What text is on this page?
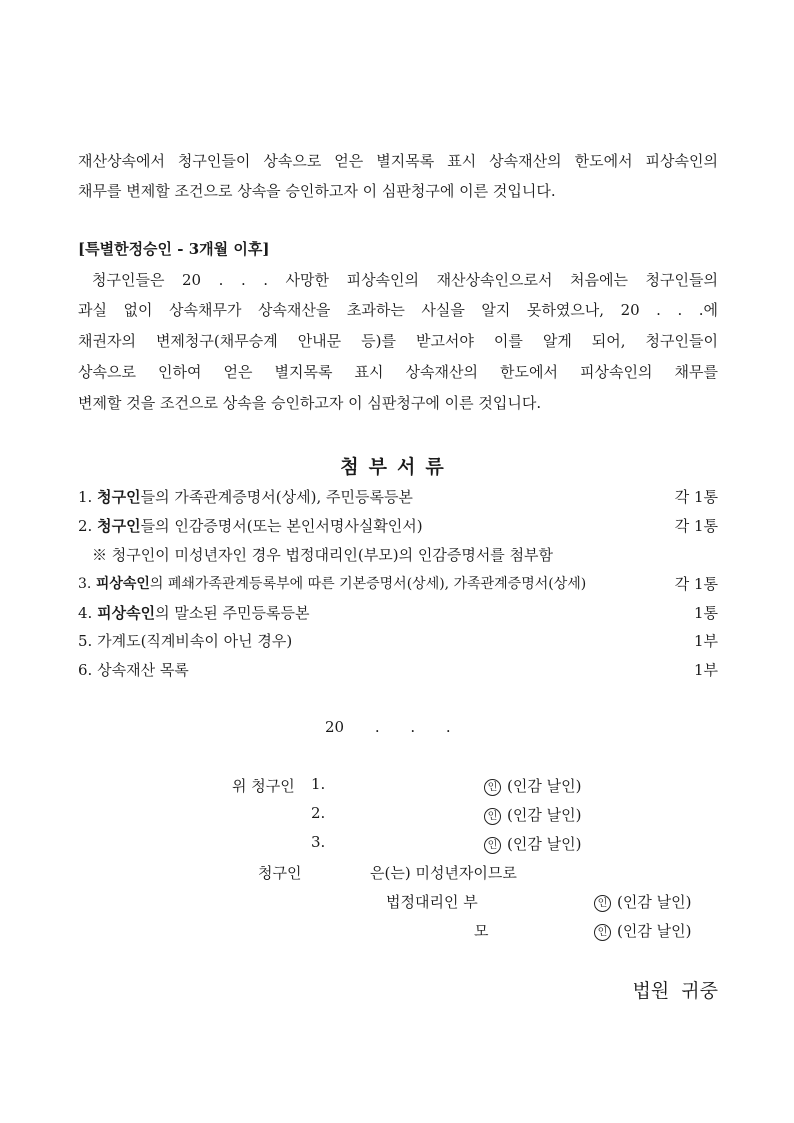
재산상속에서 청구인들이 상속으로 얻은 별지목록 표시 상속재산의 한도에서 피상속인의
채무를 변제할 조건으로 상속을 승인하고자 이 심판청구에 이른 것입니다.
[특별한정승인 - 3개월 이후]
청구인들은 20 . . . 사망한 피상속인의 재산상속인으로서 처음에는 청구인들의
과실 없이 상속채무가 상속재산을 초과하는 사실을 알지 못하였으나, 20 . . .에
채권자의 변제청구(채무승계 안내문 등)를 받고서야 이를 알게 되어, 청구인들이
상속으로 인하여 얻은 별지목록 표시 상속재산의 한도에서 피상속인의 채무를
변제할 것을 조건으로 상속을 승인하고자 이 심판청구에 이른 것입니다.
첨부서류
1. 청구인들의 가족관계증명서(상세), 주민등록등본	각 1통
2. 청구인들의 인감증명서(또는 본인서명사실확인서)	각 1통
※ 청구인이 미성년자인 경우 법정대리인(부모)의 인감증명서를 첨부함
3. 피상속인의 폐쇄가족관계등록부에 따른 기본증명서(상세), 가족관계증명서(상세)	각 1통
4. 피상속인의 말소된 주민등록등본	1통
5. 가계도(직계비속이 아닌 경우)	1부
6. 상속재산 목록	1부
20 . . .
위 청구인 1.	인 (인감 날인)
2.	인 (인감 날인)
3.	인 (인감 날인)
청구인	은(는) 미성년자이므로
법정대리인 부	인 (인감 날인)
모	인 (인감 날인)
법원  귀중
